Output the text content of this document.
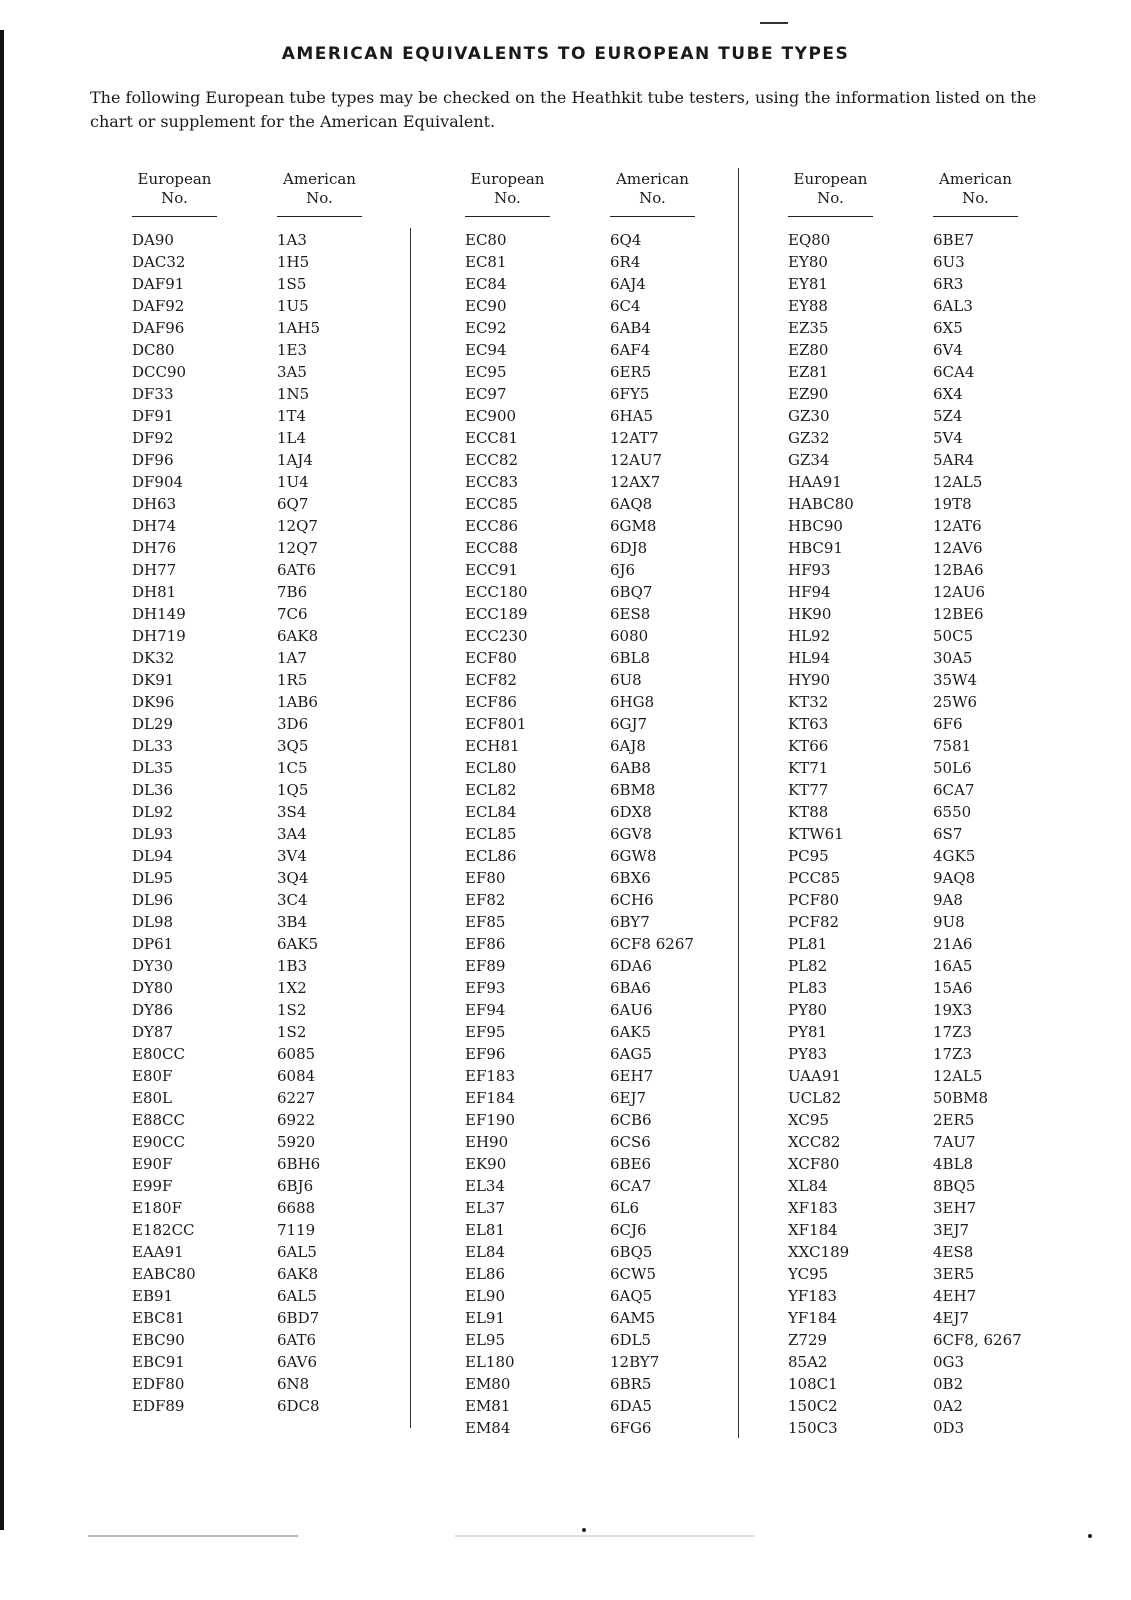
AMERICAN EQUIVALENTS TO EUROPEAN TUBE TYPES

The following European tube types may be checked on the Heathkit tube testers, using the information listed on the chart or supplement for the American Equivalent.

European
No.
American
No.
DA90	1A3
DAC32	1H5
DAF91	1S5
DAF92	1U5
DAF96	1AH5
DC80	1E3
DCC90	3A5
DF33	1N5
DF91	1T4
DF92	1L4
DF96	1AJ4
DF904	1U4
DH63	6Q7
DH74	12Q7
DH76	12Q7
DH77	6AT6
DH81	7B6
DH149	7C6
DH719	6AK8
DK32	1A7
DK91	1R5
DK96	1AB6
DL29	3D6
DL33	3Q5
DL35	1C5
DL36	1Q5
DL92	3S4
DL93	3A4
DL94	3V4
DL95	3Q4
DL96	3C4
DL98	3B4
DP61	6AK5
DY30	1B3
DY80	1X2
DY86	1S2
DY87	1S2
E80CC	6085
E80F	6084
E80L	6227
E88CC	6922
E90CC	5920
E90F	6BH6
E99F	6BJ6
E180F	6688
E182CC	7119
EAA91	6AL5
EABC80	6AK8
EB91	6AL5
EBC81	6BD7
EBC90	6AT6
EBC91	6AV6
EDF80	6N8
EDF89	6DC8
European
No.
American
No.
EC80	6Q4
EC81	6R4
EC84	6AJ4
EC90	6C4
EC92	6AB4
EC94	6AF4
EC95	6ER5
EC97	6FY5
EC900	6HA5
ECC81	12AT7
ECC82	12AU7
ECC83	12AX7
ECC85	6AQ8
ECC86	6GM8
ECC88	6DJ8
ECC91	6J6
ECC180	6BQ7
ECC189	6ES8
ECC230	6080
ECF80	6BL8
ECF82	6U8
ECF86	6HG8
ECF801	6GJ7
ECH81	6AJ8
ECL80	6AB8
ECL82	6BM8
ECL84	6DX8
ECL85	6GV8
ECL86	6GW8
EF80	6BX6
EF82	6CH6
EF85	6BY7
EF86	6CF8 6267
EF89	6DA6
EF93	6BA6
EF94	6AU6
EF95	6AK5
EF96	6AG5
EF183	6EH7
EF184	6EJ7
EF190	6CB6
EH90	6CS6
EK90	6BE6
EL34	6CA7
EL37	6L6
EL81	6CJ6
EL84	6BQ5
EL86	6CW5
EL90	6AQ5
EL91	6AM5
EL95	6DL5
EL180	12BY7
EM80	6BR5
EM81	6DA5
EM84	6FG6
European
No.
American
No.
EQ80	6BE7
EY80	6U3
EY81	6R3
EY88	6AL3
EZ35	6X5
EZ80	6V4
EZ81	6CA4
EZ90	6X4
GZ30	5Z4
GZ32	5V4
GZ34	5AR4
HAA91	12AL5
HABC80	19T8
HBC90	12AT6
HBC91	12AV6
HF93	12BA6
HF94	12AU6
HK90	12BE6
HL92	50C5
HL94	30A5
HY90	35W4
KT32	25W6
KT63	6F6
KT66	7581
KT71	50L6
KT77	6CA7
KT88	6550
KTW61	6S7
PC95	4GK5
PCC85	9AQ8
PCF80	9A8
PCF82	9U8
PL81	21A6
PL82	16A5
PL83	15A6
PY80	19X3
PY81	17Z3
PY83	17Z3
UAA91	12AL5
UCL82	50BM8
XC95	2ER5
XCC82	7AU7
XCF80	4BL8
XL84	8BQ5
XF183	3EH7
XF184	3EJ7
XXC189	4ES8
YC95	3ER5
YF183	4EH7
YF184	4EJ7
Z729	6CF8, 6267
85A2	0G3
108C1	0B2
150C2	0A2
150C3	0D3
